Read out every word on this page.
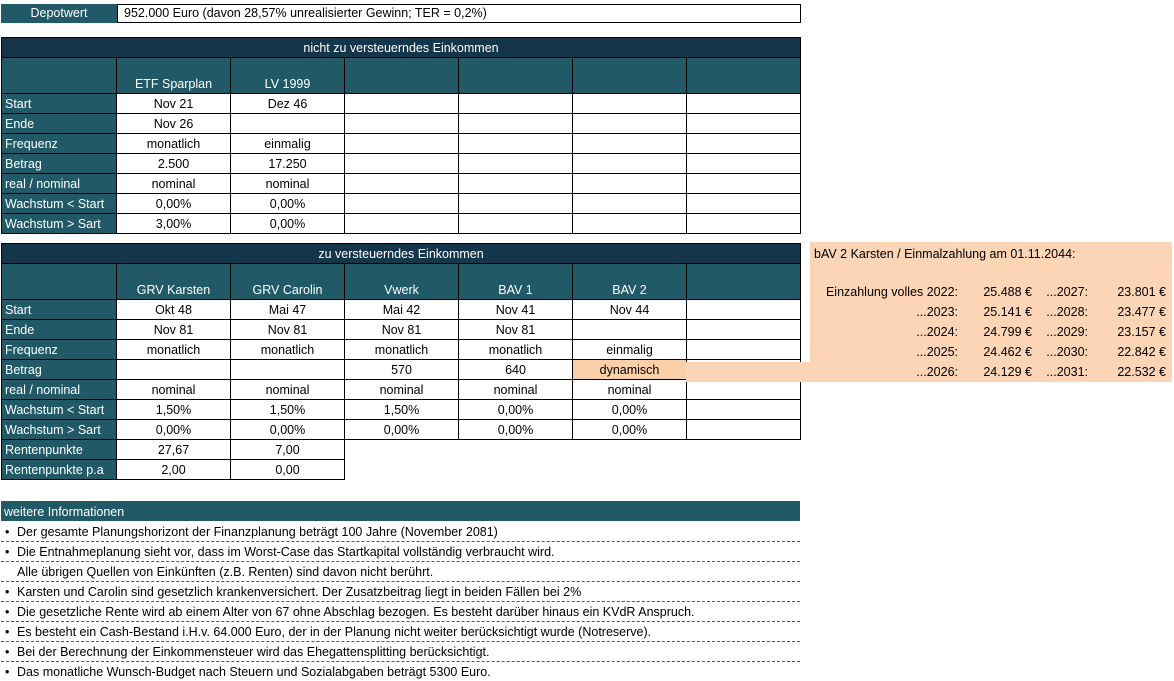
Depotwert	952.000 Euro (davon 28,57% unrealisierter Gewinn; TER = 0,2%)
nicht zu versteuerndes Einkommen						
	ETF Sparplan	LV 1999				
Start	Nov 21	Dez 46				
Ende	Nov 26					
Frequenz	monatlich	einmalig				
Betrag	2.500	17.250				
real / nominal	nominal	nominal				
Wachstum < Start	0,00%	0,00%				
Wachstum > Sart	3,00%	0,00%				
zu versteuerndes Einkommen						
	GRV Karsten	GRV Carolin	Vwerk	BAV 1	BAV 2	
Start	Okt 48	Mai 47	Mai 42	Nov 41	Nov 44	
Ende	Nov 81	Nov 81	Nov 81	Nov 81		
Frequenz	monatlich	monatlich	monatlich	monatlich	einmalig	
Betrag			570	640	dynamisch	
real / nominal	nominal	nominal	nominal	nominal	nominal	
Wachstum < Start	1,50%	1,50%	1,50%	0,00%	0,00%	
Wachstum > Sart	0,00%	0,00%	0,00%	0,00%	0,00%	
Rentenpunkte	27,67	7,00				
Rentenpunkte p.a	2,00	0,00				
bAV 2 Karsten / Einmalzahlung am 01.11.2044:
Einzahlung volles 2022: 25.488 € ...2027: 23.801 €
...2023: 25.141 € ...2028: 23.477 €
...2024: 24.799 € ...2029: 23.157 €
...2025: 24.462 € ...2030: 22.842 €
...2026: 24.129 € ...2031: 22.532 €
weitere Informationen
• Der gesamte Planungshorizont der Finanzplanung beträgt 100 Jahre (November 2081)
• Die Entnahmeplanung sieht vor, dass im Worst-Case das Startkapital vollständig verbraucht wird.
Alle übrigen Quellen von Einkünften (z.B. Renten) sind davon nicht berührt.
• Karsten und Carolin sind gesetzlich krankenversichert. Der Zusatzbeitrag liegt in beiden Fällen bei 2%
• Die gesetzliche Rente wird ab einem Alter von 67 ohne Abschlag bezogen. Es besteht darüber hinaus ein KVdR Anspruch.
• Es besteht ein Cash-Bestand i.H.v. 64.000 Euro, der in der Planung nicht weiter berücksichtigt wurde (Notreserve).
• Bei der Berechnung der Einkommensteuer wird das Ehegattensplitting berücksichtigt.
• Das monatliche Wunsch-Budget nach Steuern und Sozialabgaben beträgt 5300 Euro.
